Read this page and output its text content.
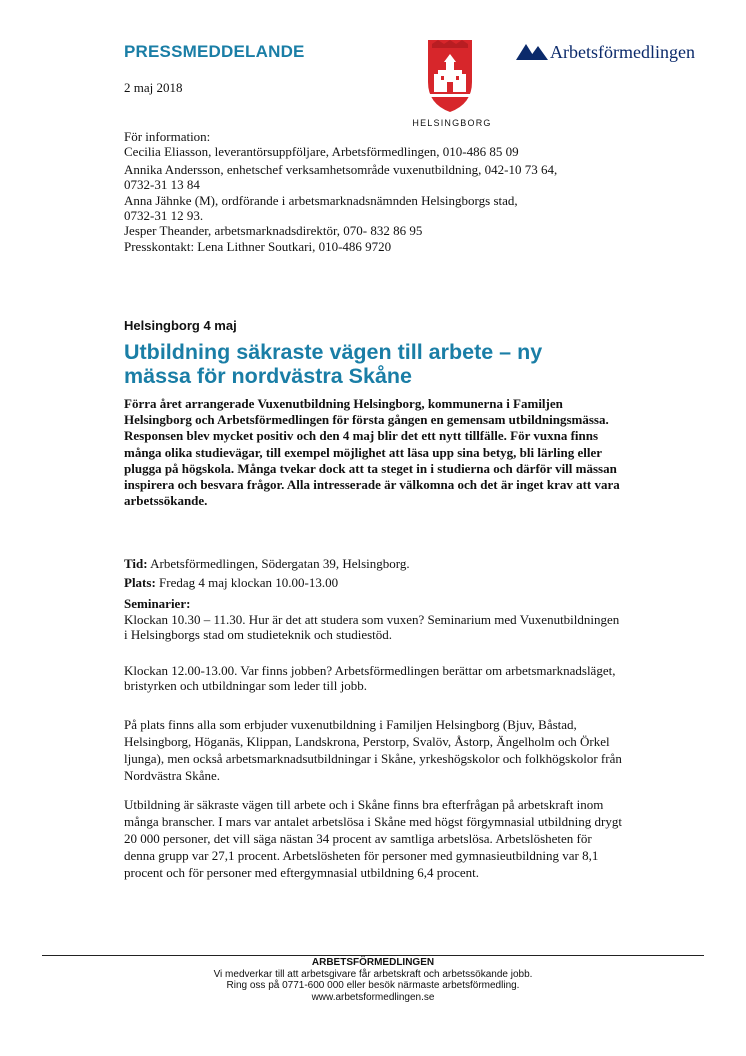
PRESSMEDDELANDE
2 maj 2018
HELSINGBORG
Arbetsförmedlingen
För information:
Cecilia Eliasson, leverantörsuppföljare, Arbetsförmedlingen, 010-486 85 09
Annika Andersson, enhetschef verksamhetsområde vuxenutbildning, 042-10 73 64,
0732-31 13 84
Anna Jähnke (M), ordförande i arbetsmarknadsnämnden Helsingborgs stad,
0732-31 12 93.
Jesper Theander, arbetsmarknadsdirektör, 070- 832 86 95
Presskontakt: Lena Lithner Soutkari, 010-486 9720
Helsingborg 4 maj
Utbildning säkraste vägen till arbete – ny
mässa för nordvästra Skåne
Förra året arrangerade Vuxenutbildning Helsingborg, kommunerna i Familjen Helsingborg och Arbetsförmedlingen för första gången en gemensam utbildningsmässa. Responsen blev mycket positiv och den 4 maj blir det ett nytt tillfälle. För vuxna finns många olika studievägar, till exempel möjlighet att läsa upp sina betyg, bli lärling eller plugga på högskola. Många tvekar dock att ta steget in i studierna och därför vill mässan inspirera och besvara frågor. Alla intresserade är välkomna och det är inget krav att vara arbetssökande.
Tid: Arbetsförmedlingen, Södergatan 39, Helsingborg.
Plats: Fredag 4 maj klockan 10.00-13.00
Seminarier:
Klockan 10.30 – 11.30. Hur är det att studera som vuxen? Seminarium med Vuxenutbildningen i Helsingborgs stad om studieteknik och studiestöd.
Klockan 12.00-13.00. Var finns jobben? Arbetsförmedlingen berättar om arbetsmarknadsläget, bristyrken och utbildningar som leder till jobb.
På plats finns alla som erbjuder vuxenutbildning i Familjen Helsingborg (Bjuv, Båstad, Helsingborg, Höganäs, Klippan, Landskrona, Perstorp, Svalöv, Åstorp, Ängelholm och Örkel ljunga), men också arbetsmarknadsutbildningar i Skåne, yrkeshögskolor och folkhögskolor från Nordvästra Skåne.
Utbildning är säkraste vägen till arbete och i Skåne finns bra efterfrågan på arbetskraft inom många branscher. I mars var antalet arbetslösa i Skåne med högst förgymnasial utbildning drygt 20 000 personer, det vill säga nästan 34 procent av samtliga arbetslösa. Arbetslösheten för denna grupp var 27,1 procent. Arbetslösheten för personer med gymnasieutbildning var 8,1 procent och för personer med eftergymnasial utbildning 6,4 procent.
ARBETSFÖRMEDLINGEN
Vi medverkar till att arbetsgivare får arbetskraft och arbetssökande jobb.
Ring oss på 0771-600 000 eller besök närmaste arbetsförmedling.
www.arbetsformedlingen.se
